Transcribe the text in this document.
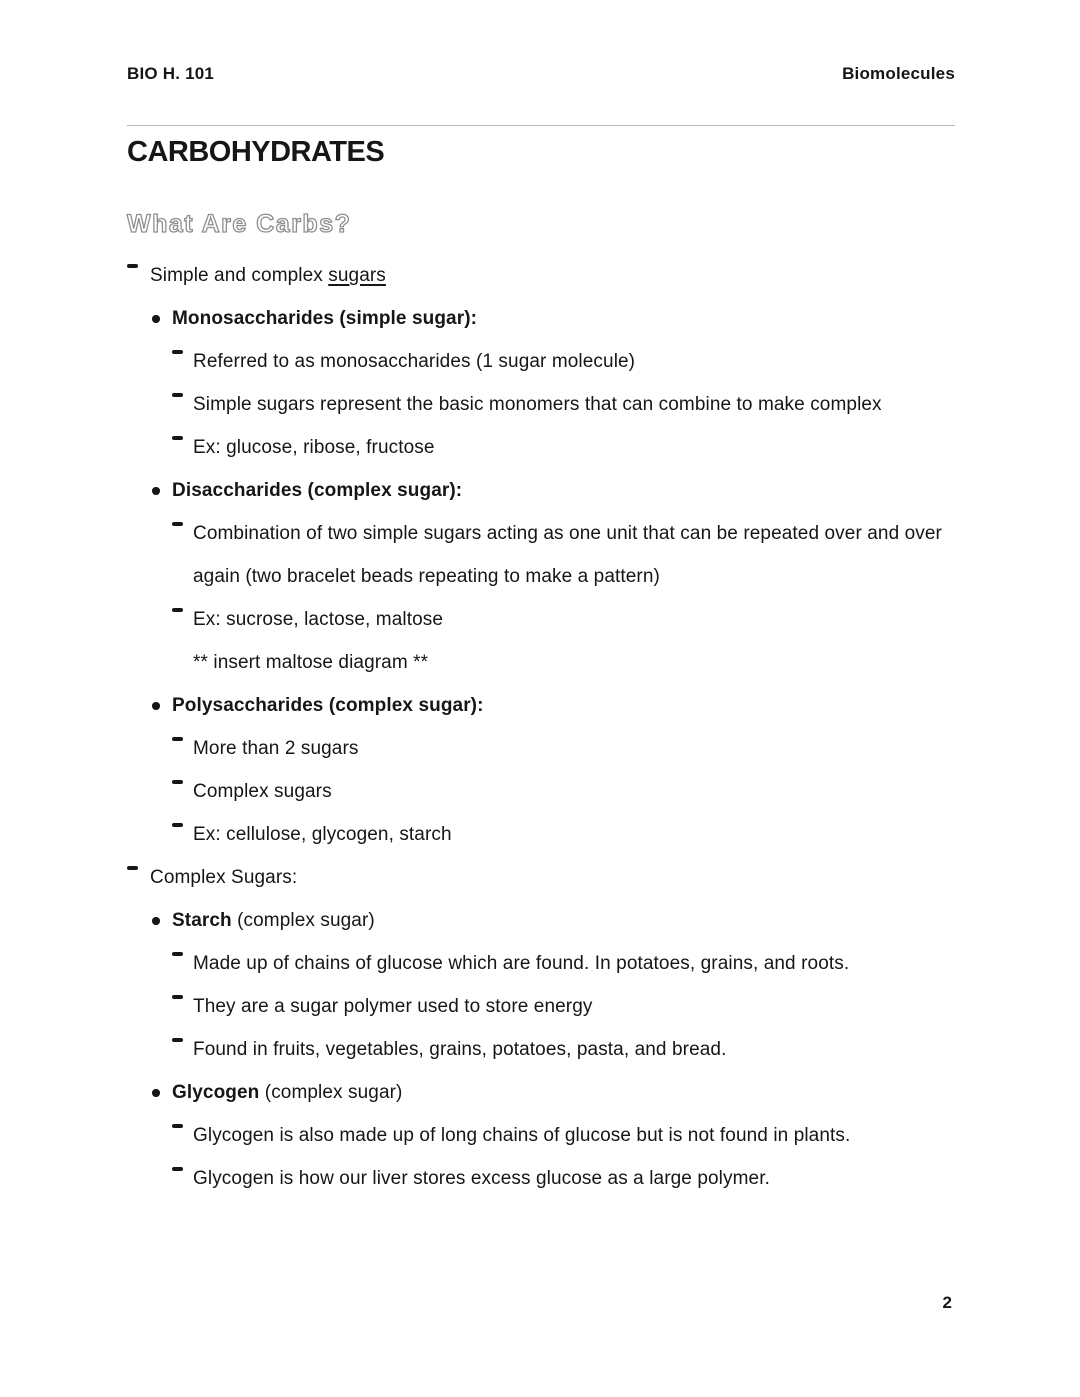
BIO H. 101	Biomolecules
CARBOHYDRATES
What Are Carbs?
Simple and complex sugars
Monosaccharides (simple sugar):
Referred to as monosaccharides (1 sugar molecule)
Simple sugars represent the basic monomers that can combine to make complex
Ex: glucose, ribose, fructose
Disaccharides (complex sugar):
Combination of two simple sugars acting as one unit that can be repeated over and over again (two bracelet beads repeating to make a pattern)
Ex: sucrose, lactose, maltose
** insert maltose diagram **
Polysaccharides (complex sugar):
More than 2 sugars
Complex sugars
Ex: cellulose, glycogen, starch
Complex Sugars:
Starch (complex sugar)
Made up of chains of glucose which are found. In potatoes, grains, and roots.
They are a sugar polymer used to store energy
Found in fruits, vegetables, grains, potatoes, pasta, and bread.
Glycogen (complex sugar)
Glycogen is also made up of long chains of glucose but is not found in plants.
Glycogen is how our liver stores excess glucose as a large polymer.
2
